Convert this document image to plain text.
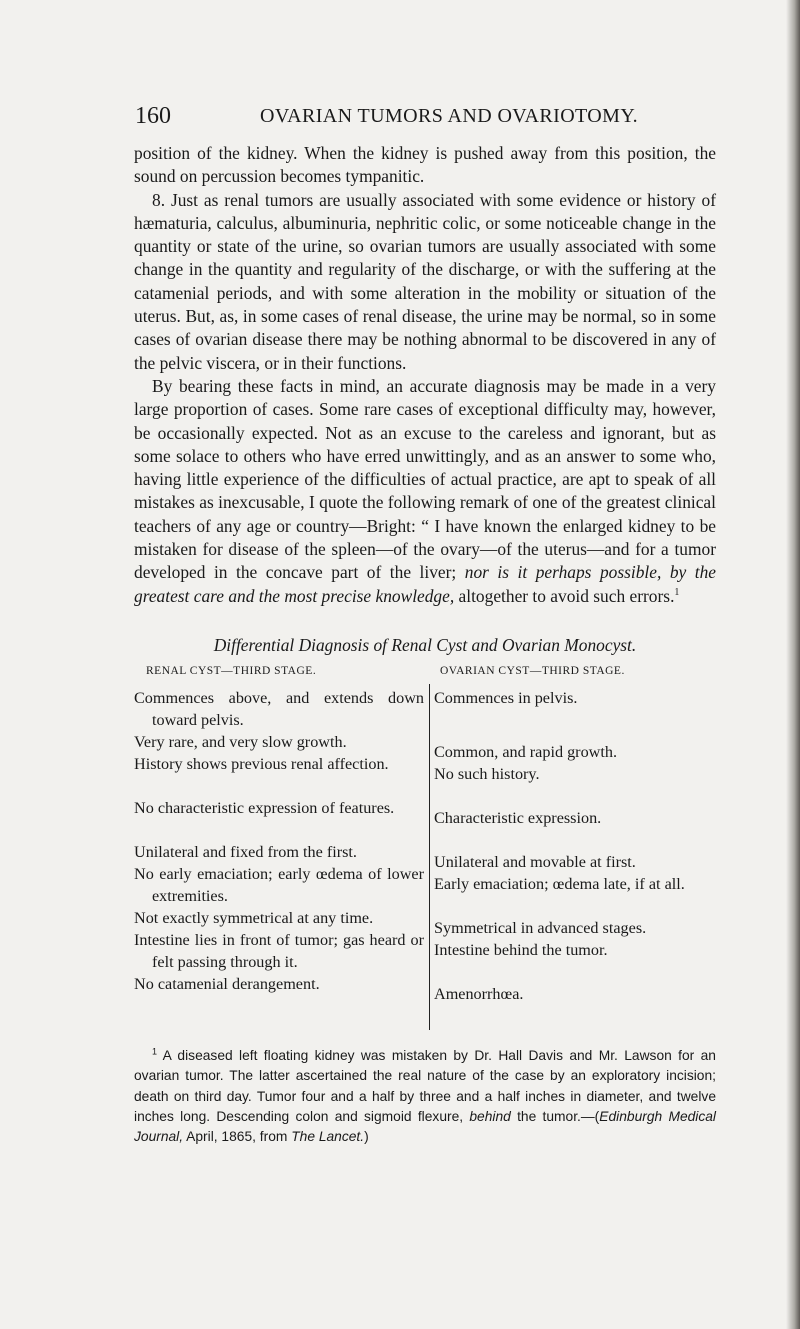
160	OVARIAN TUMORS AND OVARIOTOMY.

position of the kidney. When the kidney is pushed away from this position, the sound on percussion becomes tympanitic.

8. Just as renal tumors are usually associated with some evidence or history of hæmaturia, calculus, albuminuria, nephritic colic, or some noticeable change in the quantity or state of the urine, so ovarian tumors are usually associated with some change in the quantity and regularity of the discharge, or with the suffering at the catamenial periods, and with some alteration in the mobility or situation of the uterus. But, as, in some cases of renal disease, the urine may be normal, so in some cases of ovarian disease there may be nothing abnormal to be discovered in any of the pelvic viscera, or in their functions.

By bearing these facts in mind, an accurate diagnosis may be made in a very large proportion of cases. Some rare cases of exceptional difficulty may, however, be occasionally expected. Not as an excuse to the careless and ignorant, but as some solace to others who have erred unwittingly, and as an answer to some who, having little experience of the difficulties of actual practice, are apt to speak of all mistakes as inexcusable, I quote the following remark of one of the greatest clinical teachers of any age or country—Bright: “ I have known the enlarged kidney to be mistaken for disease of the spleen—of the ovary—of the uterus—and for a tumor developed in the concave part of the liver; nor is it perhaps possible, by the greatest care and the most precise knowledge, altogether to avoid such errors.$^1$

Differential Diagnosis of Renal Cyst and Ovarian Monocyst.
RENAL CYST—THIRD STAGE.
Commences above, and extends down toward pelvis.
Very rare, and very slow growth.
History shows previous renal affection.
No characteristic expression of features.
Unilateral and fixed from the first.
No early emaciation; early œdema of lower extremities.
Not exactly symmetrical at any time.
Intestine lies in front of tumor; gas heard or felt passing through it.
No catamenial derangement.
OVARIAN CYST—THIRD STAGE.
Commences in pelvis.
Common, and rapid growth.
No such history.
Characteristic expression.
Unilateral and movable at first.
Early emaciation; œdema late, if at all.
Symmetrical in advanced stages.
Intestine behind the tumor.
Amenorrhœa.

$^1$ A diseased left floating kidney was mistaken by Dr. Hall Davis and Mr. Lawson for an ovarian tumor. The latter ascertained the real nature of the case by an exploratory incision; death on third day. Tumor four and a half by three and a half inches in diameter, and twelve inches long. Descending colon and sigmoid flexure, behind the tumor.—(Edinburgh Medical Journal, April, 1865, from The Lancet.)
